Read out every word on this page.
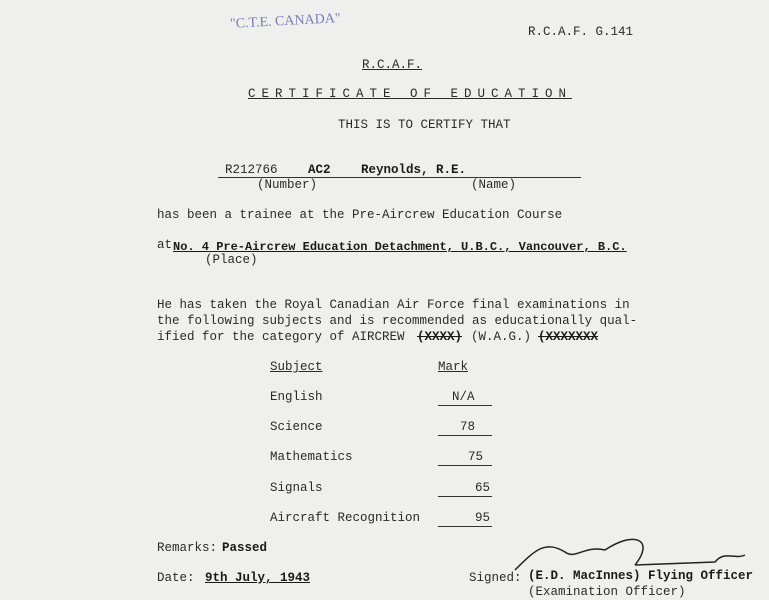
"C.T.E. CANADA"
R.C.A.F. G.141
R.C.A.F.
CERTIFICATE OF EDUCATION
THIS IS TO CERTIFY THAT
R212766 AC2 Reynolds, R.E.
(Number)	(Name)
has been a trainee at the Pre-Aircrew Education Course
at No. 4 Pre-Aircrew Education Detachment, U.B.C., Vancouver, B.C.
(Place)
He has taken the Royal Canadian Air Force final examinations in
the following subjects and is recommended as educationally qual-
ified for the category of AIRCREW (XXXX) (W.A.G.) (XXXXXXX
Subject	Mark
English	N/A
Science	78
Mathematics	75
Signals	65
Aircraft Recognition	95
Remarks: Passed
Date: 9th July, 1943	Signed: (E.D. MacInnes) Flying Officer
(Examination Officer)
